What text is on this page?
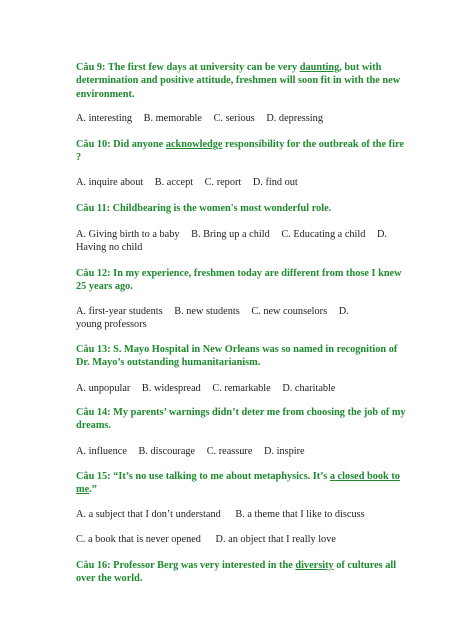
Câu 9: The first few days at university can be very daunting, but with determination and positive attitude, freshmen will soon fit in with the new environment.
A. interesting B. memorable C. serious D. depressing
Câu 10: Did anyone acknowledge responsibility for the outbreak of the fire ?
A. inquire about B. accept C. report D. find out
Câu 11: Childbearing is the women's most wonderful role.
A. Giving birth to a baby B. Bring up a child C. Educating a child D.
Having no child
Câu 12: In my experience, freshmen today are different from those I knew 25 years ago.
A. first-year students B. new students C. new counselors D.
young professors
Câu 13: S. Mayo Hospital in New Orleans was so named in recognition of Dr. Mayo’s outstanding humanitarianism.
A. unpopular B. widespread C. remarkable D. charitable
Câu 14: My parents’ warnings didn’t deter me from choosing the job of my dreams.
A. influence B. discourage C. reassure D. inspire
Câu 15: “It’s no use talking to me about metaphysics. It’s a closed book to me.”
A. a subject that I don’t understand B. a theme that I like to discuss
C. a book that is never opened D. an object that I really love
Câu 16: Professor Berg was very interested in the diversity of cultures all over the world.
